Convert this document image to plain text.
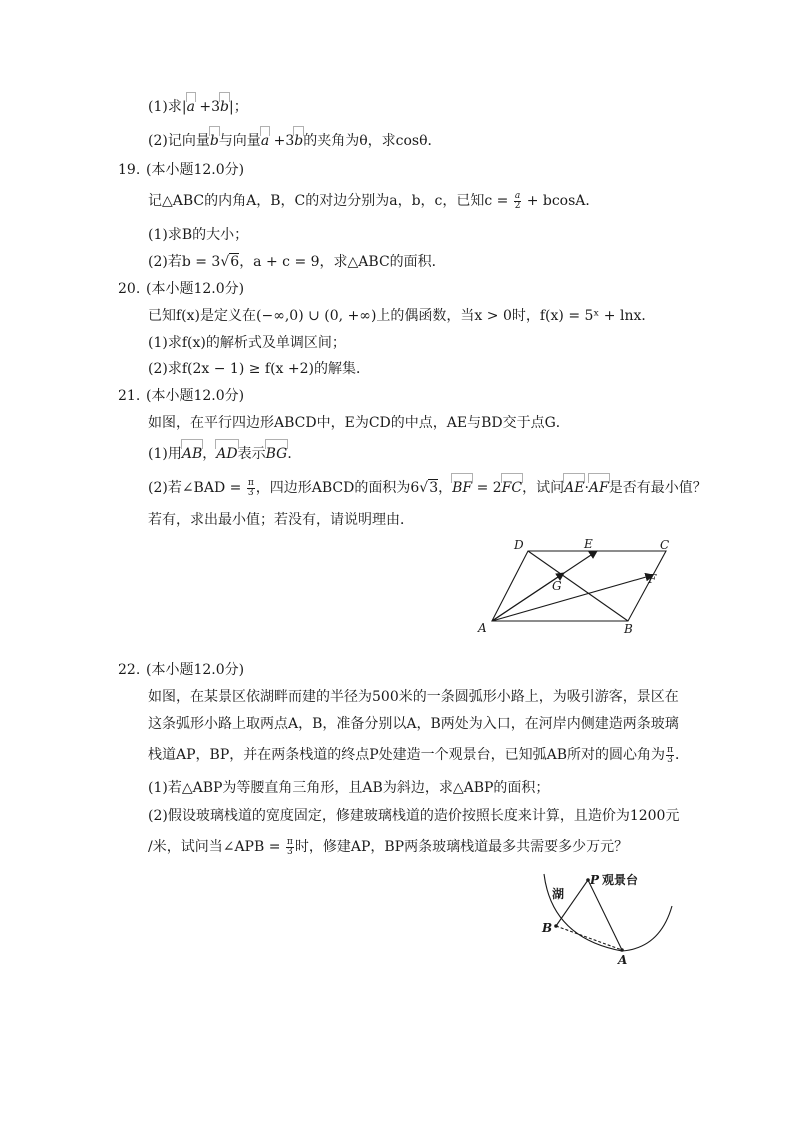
(1)求|a +3b|；
(2)记向量b与向量a +3b的夹角为θ，求cosθ．
19. (本小题12.0分)
记△ABC的内角A，B，C的对边分别为a，b，c，已知$c = \frac{a}{2} + bcosA$．
(1)求B的大小；
(2)若b = 3√6，a + c = 9，求△ABC的面积．
20. (本小题12.0分)
已知f(x)是定义在(−∞,0) ∪ (0, +∞)上的偶函数，当x > 0时，f(x) = 5ˣ + lnx．
(1)求f(x)的解析式及单调区间；
(2)求f(2x − 1) ≥ f(x +2)的解集．
21. (本小题12.0分)
如图，在平行四边形ABCD中，E为CD的中点，AE与BD交于点G．
(1)用AB，AD表示BG．
(2)若∠BAD = $\frac{\pi}{3}$ ，四边形ABCD的面积为6√3，BF = 2FC，试问AE·AF是否有最小值？
若有，求出最小值；若没有，请说明理由．
A	B
C
D	E
F
G
22. (本小题12.0分)
如图，在某景区依湖畔而建的半径为500米的一条圆弧形小路上，为吸引游客，景区在
这条弧形小路上取两点A，B，准备分别以A，B两处为入口，在河岸内侧建造两条玻璃
栈道AP，BP，并在两条栈道的终点P处建造一个观景台，已知弧AB所对的圆心角为 $\frac{\pi}{3}$ ．
(1)若△ABP为等腰直角三角形，且AB为斜边，求△ABP的面积；
(2)假设玻璃栈道的宽度固定，修建玻璃栈道的造价按照长度来计算，且造价为1200元
/米，试问当∠APB = $\frac{\pi}{3}$ 时，修建AP，BP两条玻璃栈道最多共需要多少万元？
P 观景台
湖
B
A
